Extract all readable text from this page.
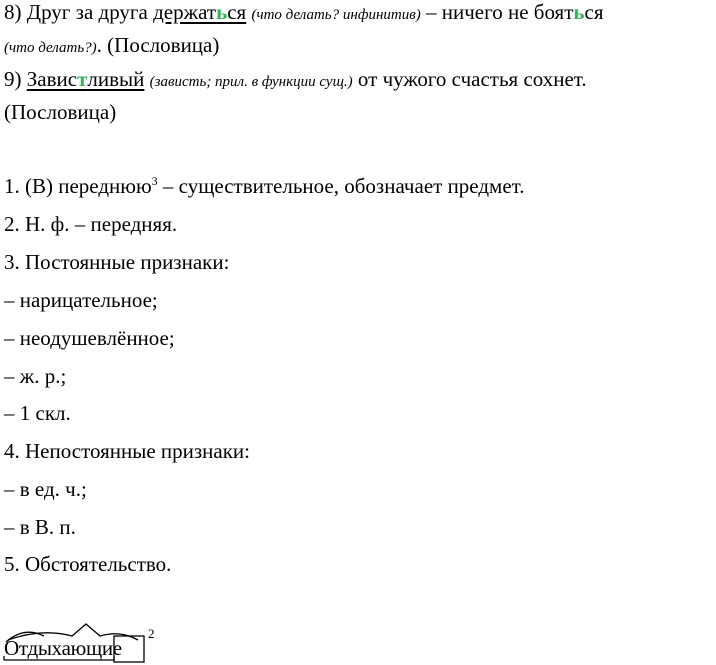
8) Друг за друга держаться (что делать? инфинитив) – ничего не бояться
(что делать?). (Пословица)
9) Завистливый (зависть; прил. в функции сущ.) от чужого счастья сохнет.
(Пословица)
1. (В) переднюю$^3$ – существительное, обозначает предмет.
2. Н. ф. – передняя.
3. Постоянные признаки:
– нарицательное;
– неодушевлённое;
– ж. р.;
– 1 скл.
4. Непостоянные признаки:
– в ед. ч.;
– в В. п.
5. Обстоятельство.
Отдыхающие
2
